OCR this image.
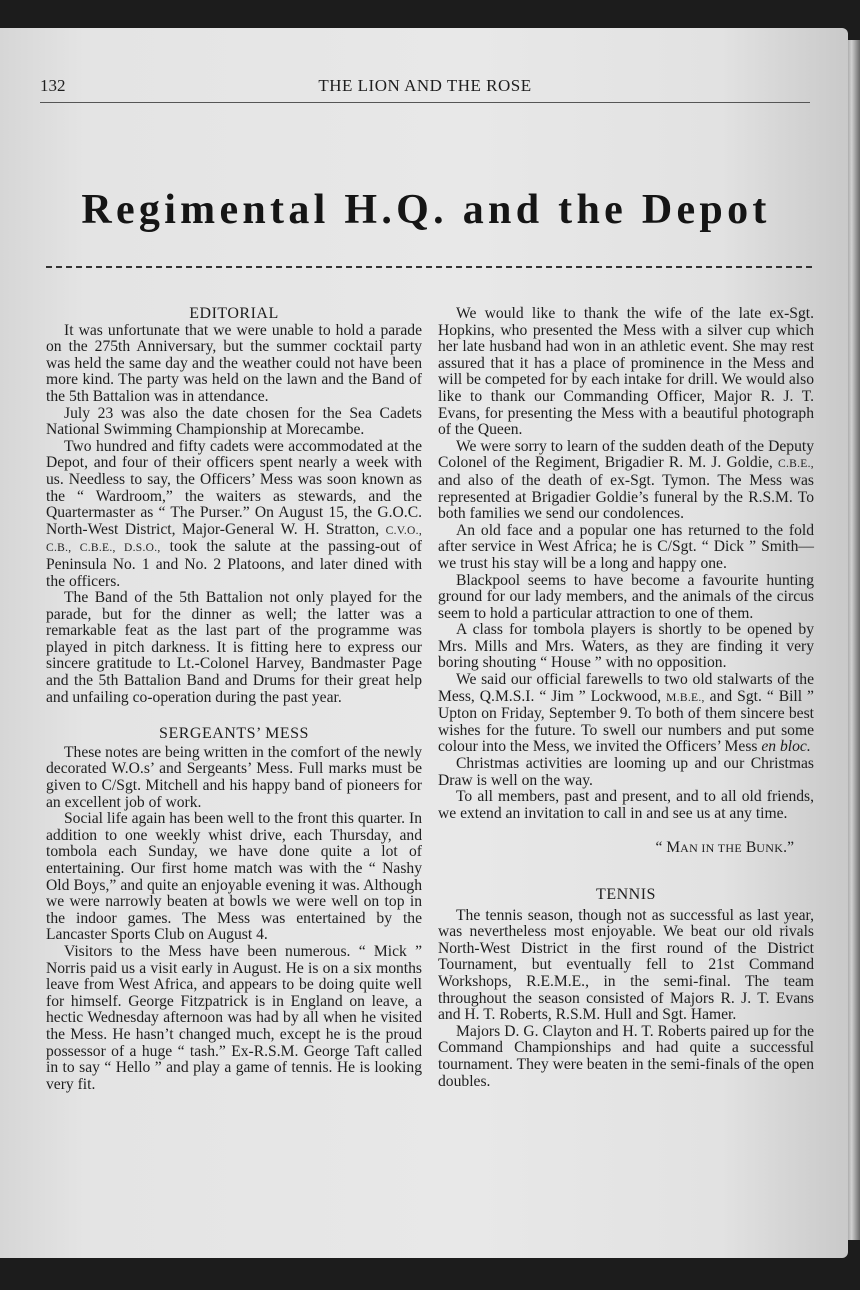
132	THE LION AND THE ROSE
Regimental H.Q. and the Depot
EDITORIAL

It was unfortunate that we were unable to hold a parade on the 275th Anniversary, but the summer cocktail party was held the same day and the weather could not have been more kind. The party was held on the lawn and the Band of the 5th Battalion was in attendance.

July 23 was also the date chosen for the Sea Cadets National Swimming Championship at Morecambe.

Two hundred and fifty cadets were accommodated at the Depot, and four of their officers spent nearly a week with us. Needless to say, the Officers’ Mess was soon known as the “ Wardroom,” the waiters as stewards, and the Quartermaster as “ The Purser.” On August 15, the G.O.C. North-West District, Major-General W. H. Stratton, C.V.O., C.B., C.B.E., D.S.O., took the salute at the passing-out of Peninsula No. 1 and No. 2 Platoons, and later dined with the officers.

The Band of the 5th Battalion not only played for the parade, but for the dinner as well; the latter was a remarkable feat as the last part of the programme was played in pitch darkness. It is fitting here to express our sincere gratitude to Lt.-Colonel Harvey, Bandmaster Page and the 5th Battalion Band and Drums for their great help and unfailing co-operation during the past year.

SERGEANTS’ MESS

These notes are being written in the comfort of the newly decorated W.O.s’ and Sergeants’ Mess. Full marks must be given to C/Sgt. Mitchell and his happy band of pioneers for an excellent job of work.

Social life again has been well to the front this quarter. In addition to one weekly whist drive, each Thursday, and tombola each Sunday, we have done quite a lot of entertaining. Our first home match was with the “ Nashy Old Boys,” and quite an enjoyable evening it was. Although we were narrowly beaten at bowls we were well on top in the indoor games. The Mess was entertained by the Lancaster Sports Club on August 4.

Visitors to the Mess have been numerous. “ Mick ” Norris paid us a visit early in August. He is on a six months leave from West Africa, and appears to be doing quite well for himself. George Fitzpatrick is in England on leave, a hectic Wednesday afternoon was had by all when he visited the Mess. He hasn’t changed much, except he is the proud possessor of a huge “ tash.” Ex-R.S.M. George Taft called in to say “ Hello ” and play a game of tennis. He is looking very fit.

We would like to thank the wife of the late ex-Sgt. Hopkins, who presented the Mess with a silver cup which her late husband had won in an athletic event. She may rest assured that it has a place of prominence in the Mess and will be competed for by each intake for drill. We would also like to thank our Commanding Officer, Major R. J. T. Evans, for presenting the Mess with a beautiful photograph of the Queen.

We were sorry to learn of the sudden death of the Deputy Colonel of the Regiment, Brigadier R. M. J. Goldie, C.B.E., and also of the death of ex-Sgt. Tymon. The Mess was represented at Brigadier Goldie’s funeral by the R.S.M. To both families we send our condolences.

An old face and a popular one has returned to the fold after service in West Africa; he is C/Sgt. “ Dick ” Smith—we trust his stay will be a long and happy one.

Blackpool seems to have become a favourite hunting ground for our lady members, and the animals of the circus seem to hold a particular attraction to one of them.

A class for tombola players is shortly to be opened by Mrs. Mills and Mrs. Waters, as they are finding it very boring shouting “ House ” with no opposition.

We said our official farewells to two old stalwarts of the Mess, Q.M.S.I. “ Jim ” Lockwood, M.B.E., and Sgt. “ Bill ” Upton on Friday, September 9. To both of them sincere best wishes for the future. To swell our numbers and put some colour into the Mess, we invited the Officers’ Mess en bloc.

Christmas activities are looming up and our Christmas Draw is well on the way.

To all members, past and present, and to all old friends, we extend an invitation to call in and see us at any time.

“ MAN IN THE BUNK.”

TENNIS

The tennis season, though not as successful as last year, was nevertheless most enjoyable. We beat our old rivals North-West District in the first round of the District Tournament, but eventually fell to 21st Command Workshops, R.E.M.E., in the semi-final. The team throughout the season consisted of Majors R. J. T. Evans and H. T. Roberts, R.S.M. Hull and Sgt. Hamer.

Majors D. G. Clayton and H. T. Roberts paired up for the Command Championships and had quite a successful tournament. They were beaten in the semi-finals of the open doubles.
